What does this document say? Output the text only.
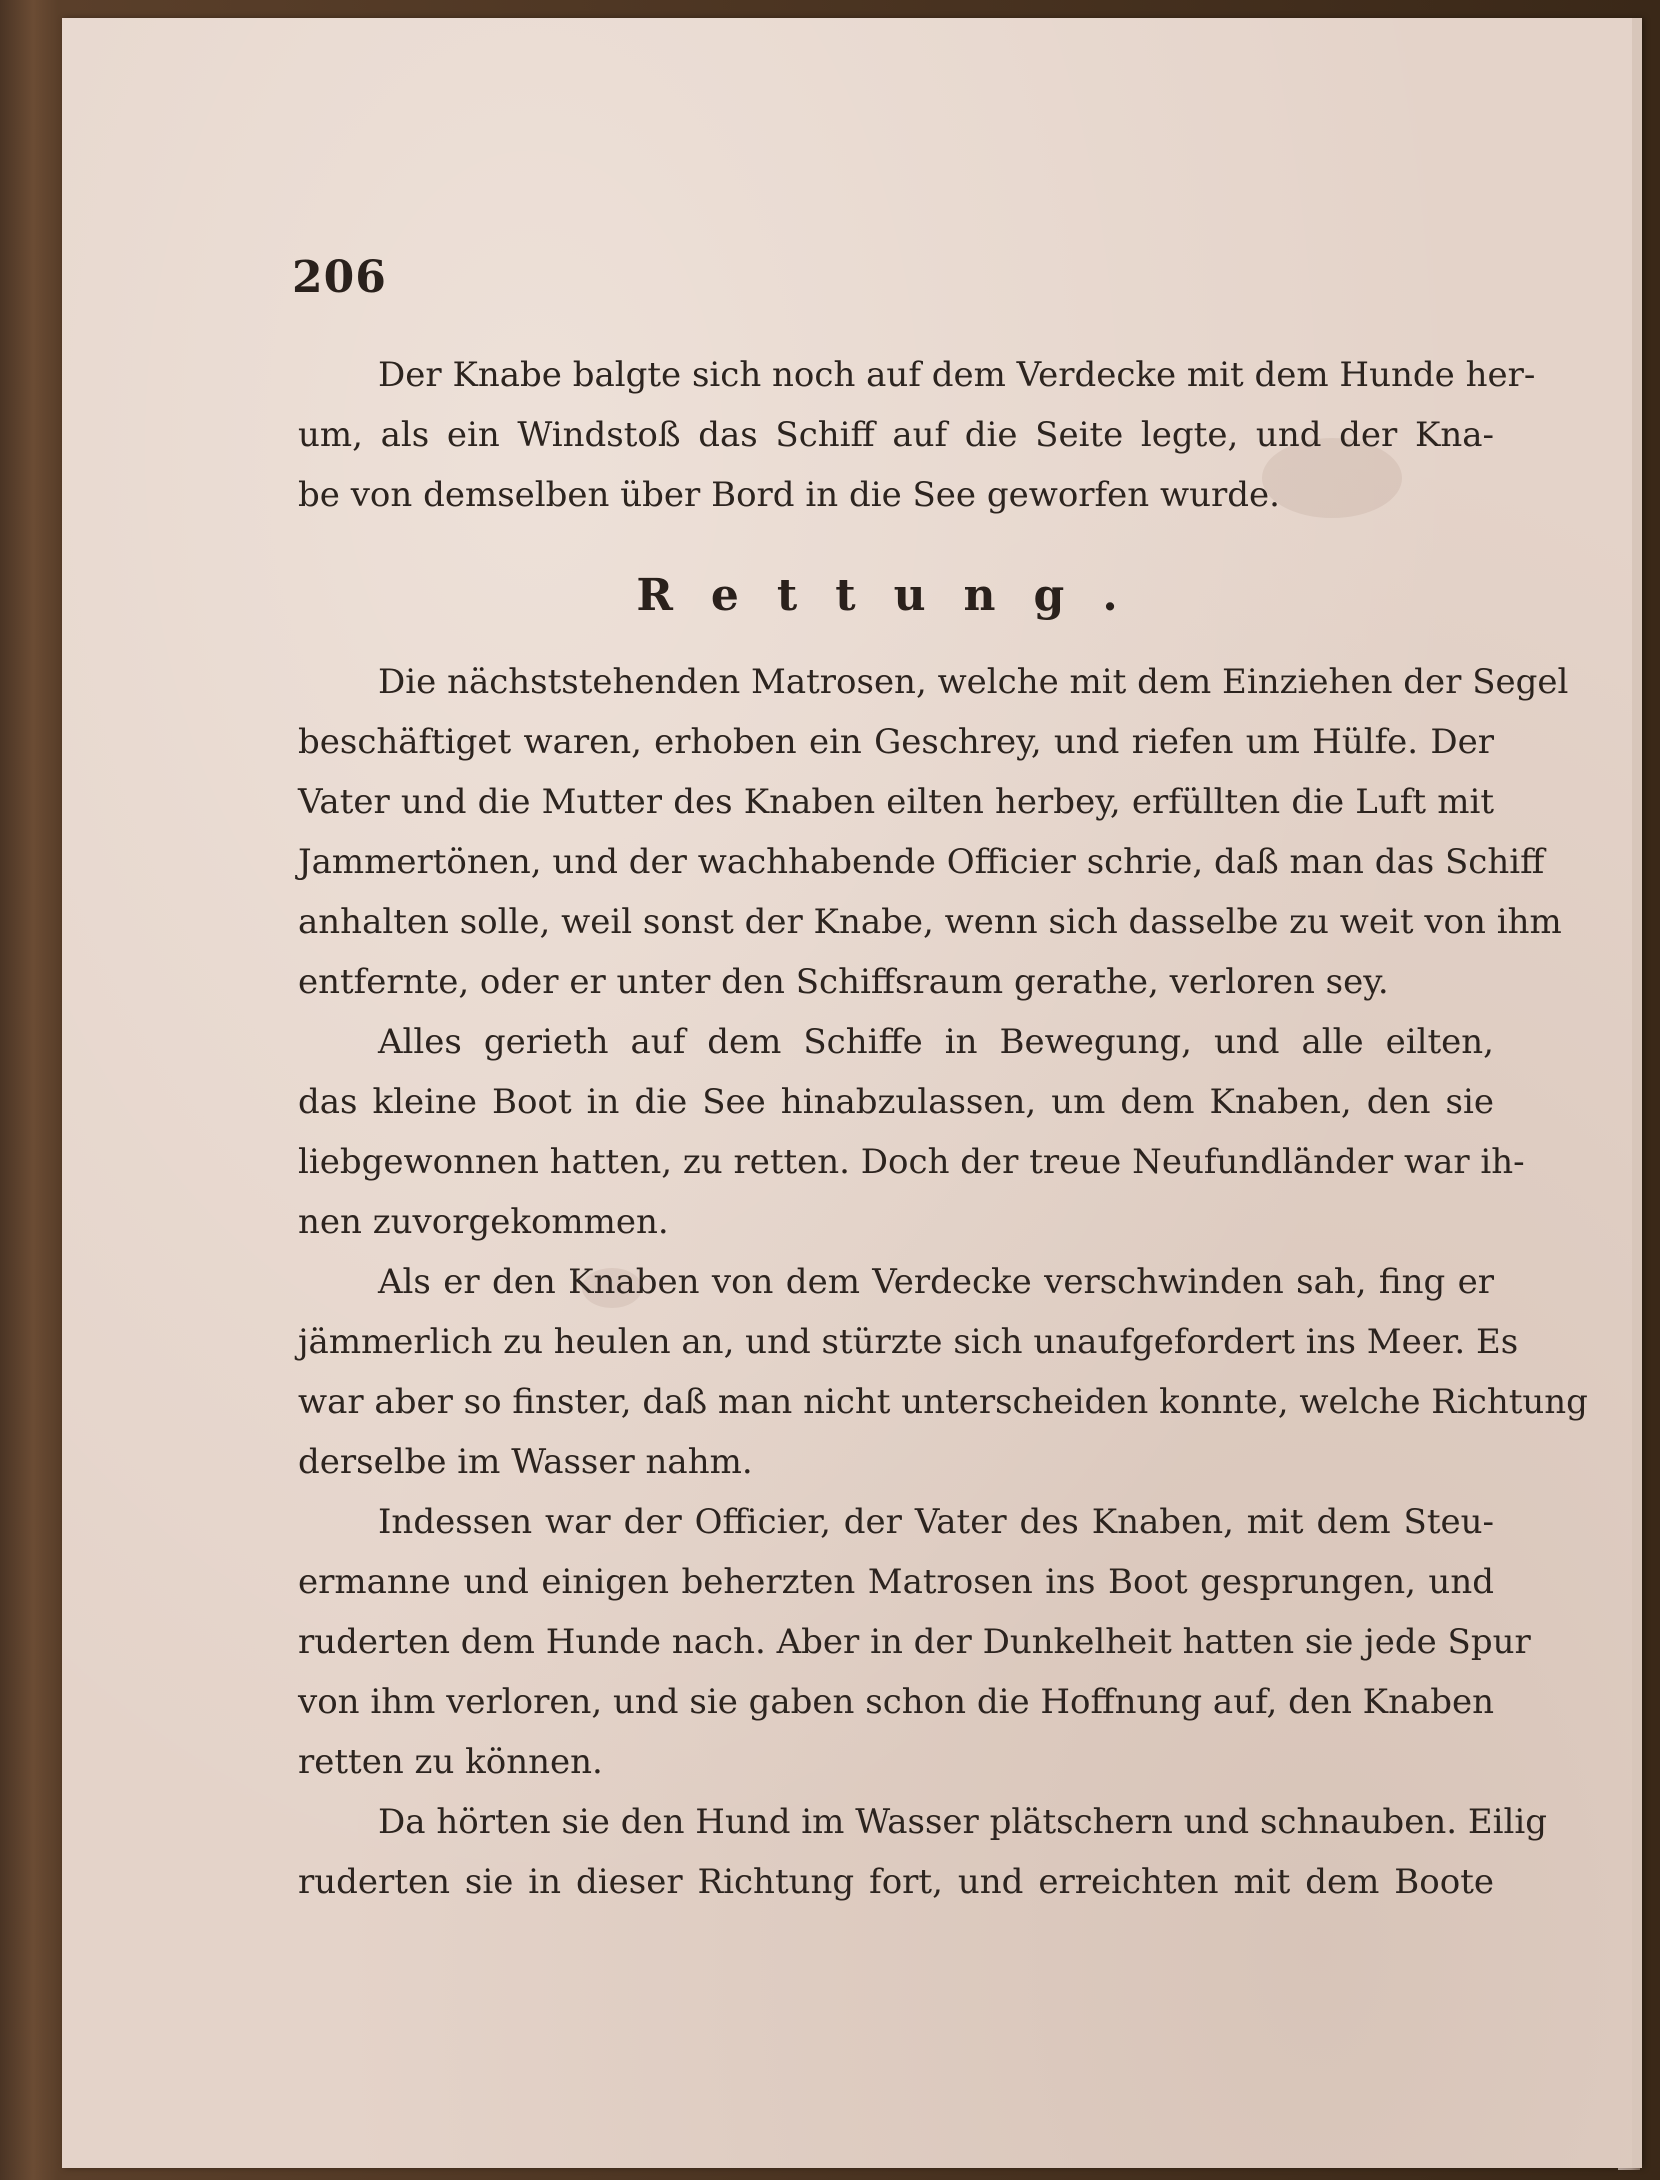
206
Der Knabe balgte sich noch auf dem Verdecke mit dem Hunde her-
um, als ein Windstoß das Schiff auf die Seite legte, und der Kna-
be von demselben über Bord in die See geworfen wurde.
Rettung.
Die nächststehenden Matrosen, welche mit dem Einziehen der Segel
beschäftiget waren, erhoben ein Geschrey, und riefen um Hülfe. Der
Vater und die Mutter des Knaben eilten herbey, erfüllten die Luft mit
Jammertönen, und der wachhabende Officier schrie, daß man das Schiff
anhalten solle, weil sonst der Knabe, wenn sich dasselbe zu weit von ihm
entfernte, oder er unter den Schiffsraum gerathe, verloren sey.
Alles gerieth auf dem Schiffe in Bewegung, und alle eilten,
das kleine Boot in die See hinabzulassen, um dem Knaben, den sie
liebgewonnen hatten, zu retten. Doch der treue Neufundländer war ih-
nen zuvorgekommen.
Als er den Knaben von dem Verdecke verschwinden sah, fing er
jämmerlich zu heulen an, und stürzte sich unaufgefordert ins Meer. Es
war aber so finster, daß man nicht unterscheiden konnte, welche Richtung
derselbe im Wasser nahm.
Indessen war der Officier, der Vater des Knaben, mit dem Steu-
ermanne und einigen beherzten Matrosen ins Boot gesprungen, und
ruderten dem Hunde nach. Aber in der Dunkelheit hatten sie jede Spur
von ihm verloren, und sie gaben schon die Hoffnung auf, den Knaben
retten zu können.
Da hörten sie den Hund im Wasser plätschern und schnauben. Eilig
ruderten sie in dieser Richtung fort, und erreichten mit dem Boote
